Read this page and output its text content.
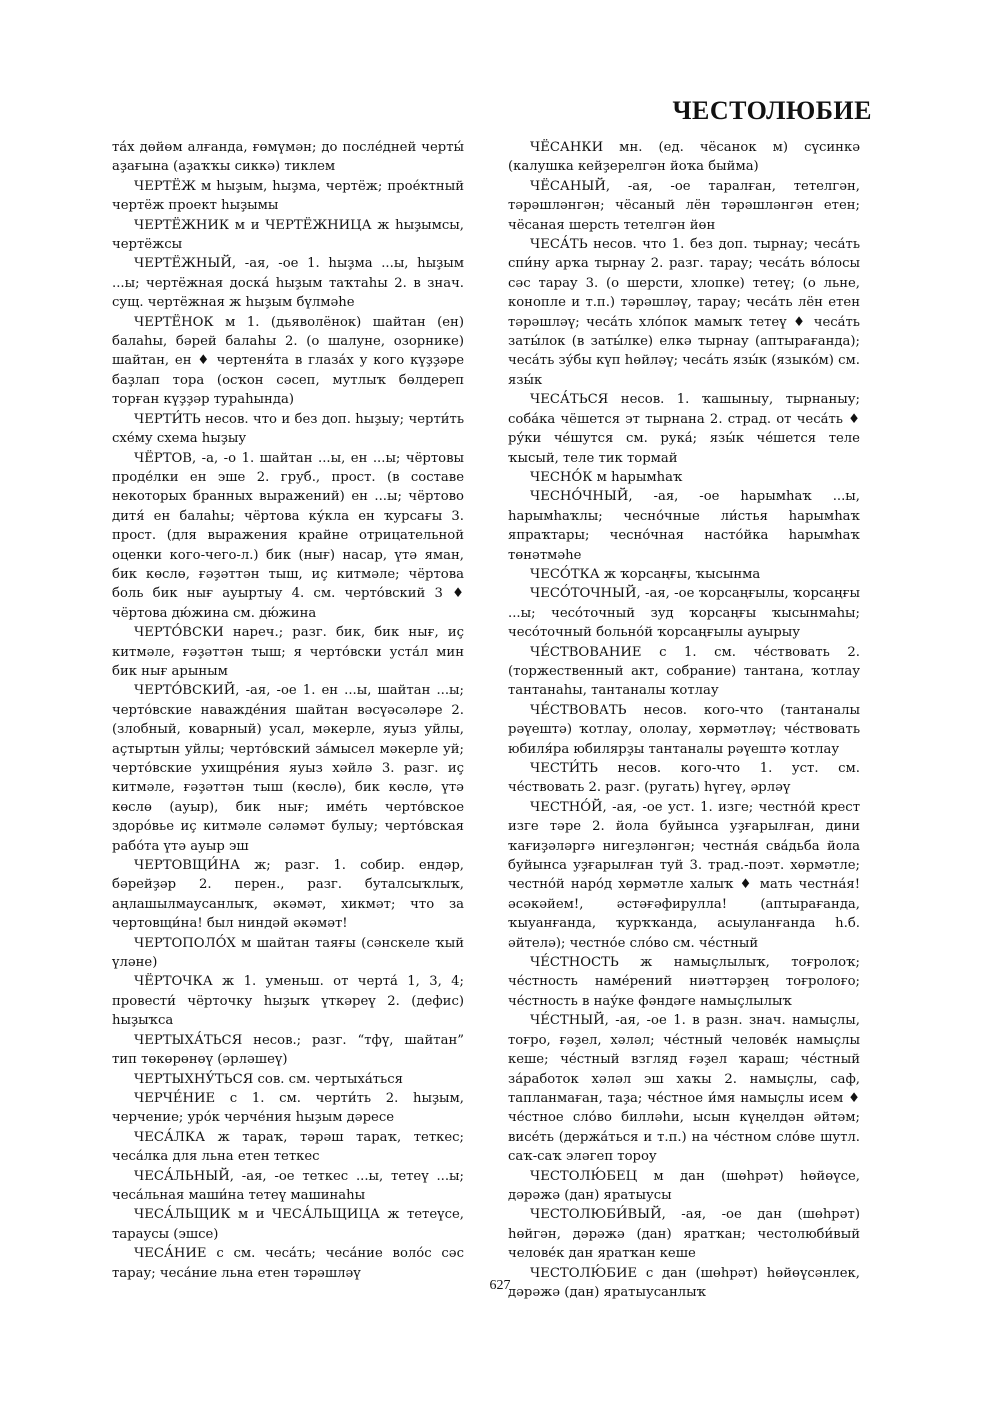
ЧЕСТОЛЮБИЕ

та́х дөйөм алғанда, ғөмүмән; до после́дней черты́ аҙағына (аҙаҡҡы сиккә) тиклем

ЧЕРТЁЖ м һыҙым, һыҙма, чертёж; прое́ктный чертёж проект һыҙымы

ЧЕРТЁЖНИК м и ЧЕРТЁЖНИЦА ж һыҙымсы, чертёжсы

ЧЕРТЁЖНЫЙ, -ая, -ое 1. һыҙма ...ы, һыҙым ...ы; чертёжная доска́ һыҙым таҡтаһы 2. в знач. сущ. чертёжная ж һыҙым бүлмәһе

ЧЕРТЁНОК м 1. (дьяволёнок) шайтан (ен) балаһы, бәрей балаһы 2. (о шалуне, озорнике) шайтан, ен ♦ чертеня́та в глаза́х у кого күҙҙәре баҙлап тора (осҡон сәсеп, мутлыҡ бөлдереп торған күҙҙәр тураһында)

ЧЕРТИ́ТЬ несов. что и без доп. һыҙыу; черти́ть схе́му схема һыҙыу

ЧЁРТОВ, -а, -о 1. шайтан ...ы, ен ...ы; чёртовы проде́лки ен эше 2. груб., прост. (в составе некоторых бранных выражений) ен ...ы; чёртово дитя́ ен балаһы; чёртова ку́кла ен ҡурсағы 3. прост. (для выражения крайне отрицательной оценки кого-чего-л.) бик (нығ) насар, үтә яман, бик көслө, ғәҙәттән тыш, иҫ китмәле; чёртова боль бик нығ ауыртыу 4. см. черто́вский 3 ♦ чёртова дю́жина см. дю́жина

ЧЕРТО́ВСКИ нареч.; разг. бик, бик нығ, иҫ китмәле, ғәҙәттән тыш; я черто́вски уста́л мин бик нығ арыным

ЧЕРТО́ВСКИЙ, -ая, -ое 1. ен ...ы, шайтан ...ы; черто́вские наважде́ния шайтан вәсүәсәләре 2. (злобный, коварный) усал, мәкерле, яуыз уйлы, аҫтыртын уйлы; черто́вский за́мысел мәкерле уй; черто́вские ухищре́ния яуыз хәйлә 3. разг. иҫ китмәле, ғәҙәттән тыш (көслө), бик көслө, үтә көслө (ауыр), бик нығ; име́ть черто́вское здоро́вье иҫ китмәле сәләмәт булыу; черто́вская рабо́та үтә ауыр эш

ЧЕРТОВЩИ́НА ж; разг. 1. собир. ендәр, бәрейҙәр 2. перен., разг. буталсыҡлыҡ, аңлашылмаусанлыҡ, әкәмәт, хикмәт; что за чертовщи́на! был ниндәй әкәмәт!

ЧЕРТОПОЛО́Х м шайтан таяғы (сәнскеле ҡый үләне)

ЧЁРТОЧКА ж 1. уменьш. от черта́ 1, 3, 4; провести́ чёрточку һыҙыҡ үткәреү 2. (дефис) һыҙыҡса

ЧЕРТЫХА́ТЬСЯ несов.; разг. “тфү, шайтан” тип төкөрөнөү (әрләшеү)

ЧЕРТЫХНУ́ТЬСЯ сов. см. чертыха́ться

ЧЕРЧЕ́НИЕ с 1. см. черти́ть 2. һыҙым, черчение; уро́к черче́ния һыҙым дәресе

ЧЕСА́ЛКА ж тараҡ, тәрәш тараҡ, теткес; чеса́лка для льна етен теткес

ЧЕСА́ЛЬНЫЙ, -ая, -ое теткес ...ы, тетеү ...ы; чеса́льная маши́на тетеү машинаһы

ЧЕСА́ЛЬЩИК м и ЧЕСА́ЛЬЩИЦА ж тетеүсе, тараусы (эшсе)

ЧЕСА́НИЕ с см. чеса́ть; чеса́ние воло́с сәс тарау; чеса́ние льна етен тәрәшләү

ЧЁСАНКИ мн. (ед. чёсанок м) сүсинкә (калушка кейҙерелгән йоҡа быйма)

ЧЁСАНЫЙ, -ая, -ое таралған, тетелгән, тәрәшләнгән; чёсаный лён тәрәшләнгән етен; чёсаная шерсть тетелгән йөн

ЧЕСА́ТЬ несов. что 1. без доп. тырнау; чеса́ть спи́ну арҡа тырнау 2. разг. тарау; чеса́ть во́лосы сәс тарау 3. (о шерсти, хлопке) тетеү; (о льне, конопле и т.п.) тәрәшләү, тарау; чеса́ть лён етен тәрәшләү; чеса́ть хло́пок мамыҡ тетеү ♦ чеса́ть заты́лок (в заты́лке) елкә тырнау (аптырағанда); чеса́ть зу́бы күп һөйләү; чеса́ть язы́к (языко́м) см. язы́к

ЧЕСА́ТЬСЯ несов. 1. ҡашыныу, тырнаныу; соба́ка чёшется эт тырнана 2. страд. от чеса́ть ♦ ру́ки че́шутся см. рука́; язы́к че́шется теле ҡысый, теле тик тормай

ЧЕСНО́К м һарымһаҡ

ЧЕСНО́ЧНЫЙ, -ая, -ое һарымһаҡ ...ы, һарымһаҡлы; чесно́чные ли́стья һарымһаҡ япраҡтары; чесно́чная насто́йка һарымһаҡ төнәтмәһе

ЧЕСО́ТКА ж ҡорсаңғы, ҡысынма

ЧЕСО́ТОЧНЫЙ, -ая, -ое ҡорсаңғылы, ҡорсаңғы ...ы; чесо́точный зуд ҡорсаңғы ҡысынмаһы; чесо́точный больно́й ҡорсаңғылы ауырыу

ЧЕ́СТВОВАНИЕ с 1. см. че́ствовать 2. (торжественный акт, собрание) тантана, ҡотлау тантанаһы, тантаналы ҡотлау

ЧЕ́СТВОВАТЬ несов. кого-что (тантаналы рәүештә) ҡотлау, ололау, хөрмәтләү; че́ствовать юбиля́ра юбилярҙы тантаналы рәүештә ҡотлау

ЧЕСТИ́ТЬ несов. кого-что 1. уст. см. че́ствовать 2. разг. (ругать) һүгеү, әрләү

ЧЕСТНО́Й, -ая, -ое уст. 1. изге; честно́й крест изге тәре 2. йола буйынса уҙғарылған, дини ҡағиҙәләргә нигеҙләнгән; честна́я сва́дьба йола буйынса уҙғарылған туй 3. трад.-поэт. хөрмәтле; честно́й наро́д хөрмәтле халыҡ ♦ мать честна́я! әсәкәйем!, әстәғәфирулла! (аптырағанда, ҡыуанғанда, ҡурҡҡанда, асыуланғанда һ.б. әйтелә); честно́е сло́во см. че́стный

ЧЕ́СТНОСТЬ ж намыҫлылыҡ, тоғролоҡ; че́стность наме́рений ниәттәрҙең тоғролоғо; че́стность в нау́ке фәндәге намыҫлылыҡ

ЧЕ́СТНЫЙ, -ая, -ое 1. в разн. знач. намыҫлы, тоғро, ғәҙел, хәләл; че́стный челове́к намыҫлы кеше; че́стный взгляд ғәҙел ҡараш; че́стный за́работок хәләл эш хаҡы 2. намыҫлы, саф, тапланмаған, таҙа; че́стное и́мя намыҫлы исем ♦ че́стное сло́во билләһи, ысын күңелдән әйтәм; висе́ть (держа́ться и т.п.) на че́стном сло́ве шутл. саҡ-саҡ эләгеп тороу

ЧЕСТОЛЮ́БЕЦ м дан (шөһрәт) һөйөүсе, дәрәжә (дан) яратыусы

ЧЕСТОЛЮБИ́ВЫЙ, -ая, -ое дан (шөһрәт) һөйгән, дәрәжә (дан) яратҡан; честолюби́вый челове́к дан яратҡан кеше

ЧЕСТОЛЮ́БИЕ с дан (шөһрәт) һөйөүсәнлек, дәрәжә (дан) яратыусанлыҡ

627
